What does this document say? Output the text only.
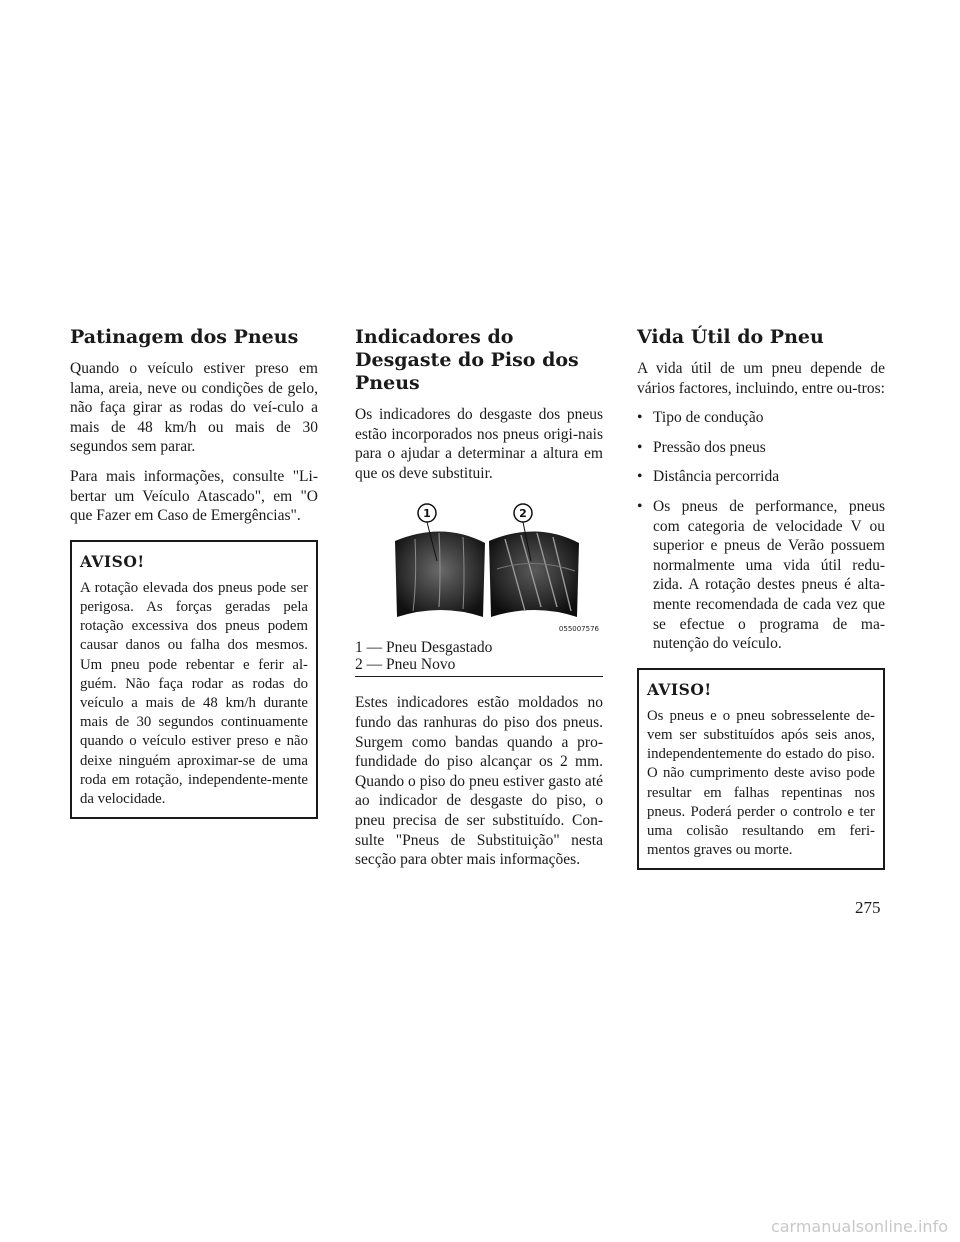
Patinagem dos Pneus

Quando o veículo estiver preso em lama, areia, neve ou condições de gelo, não faça girar as rodas do veí-culo a mais de 48 km/h ou mais de 30 segundos sem parar.

Para mais informações, consulte "Li-bertar um Veículo Atascado", em "O que Fazer em Caso de Emergências".

AVISO!

A rotação elevada dos pneus pode ser perigosa. As forças geradas pela rotação excessiva dos pneus podem causar danos ou falha dos mesmos. Um pneu pode rebentar e ferir al-guém. Não faça rodar as rodas do veículo a mais de 48 km/h durante mais de 30 segundos continuamente quando o veículo estiver preso e não deixe ninguém aproximar-se de uma roda em rotação, independente-mente da velocidade.

Indicadores do Desgaste do Piso dos Pneus

Os indicadores do desgaste dos pneus estão incorporados nos pneus origi-nais para o ajudar a determinar a altura em que os deve substituir.

1	2
055007576
1 — Pneu Desgastado
2 — Pneu Novo

Estes indicadores estão moldados no fundo das ranhuras do piso dos pneus. Surgem como bandas quando a pro-fundidade do piso alcançar os 2 mm. Quando o piso do pneu estiver gasto até ao indicador de desgaste do piso, o pneu precisa de ser substituído. Con-sulte "Pneus de Substituição" nesta secção para obter mais informações.

Vida Útil do Pneu

A vida útil de um pneu depende de vários factores, incluindo, entre ou-tros:

• Tipo de condução
• Pressão dos pneus
• Distância percorrida
• Os pneus de performance, pneus com categoria de velocidade V ou superior e pneus de Verão possuem normalmente uma vida útil redu-zida. A rotação destes pneus é alta-mente recomendada de cada vez que se efectue o programa de ma-nutenção do veículo.
AVISO!

Os pneus e o pneu sobresselente de-vem ser substituídos após seis anos, independentemente do estado do piso. O não cumprimento deste aviso pode resultar em falhas repentinas nos pneus. Poderá perder o controlo e ter uma colisão resultando em feri-mentos graves ou morte.

275
carmanualsonline.info
